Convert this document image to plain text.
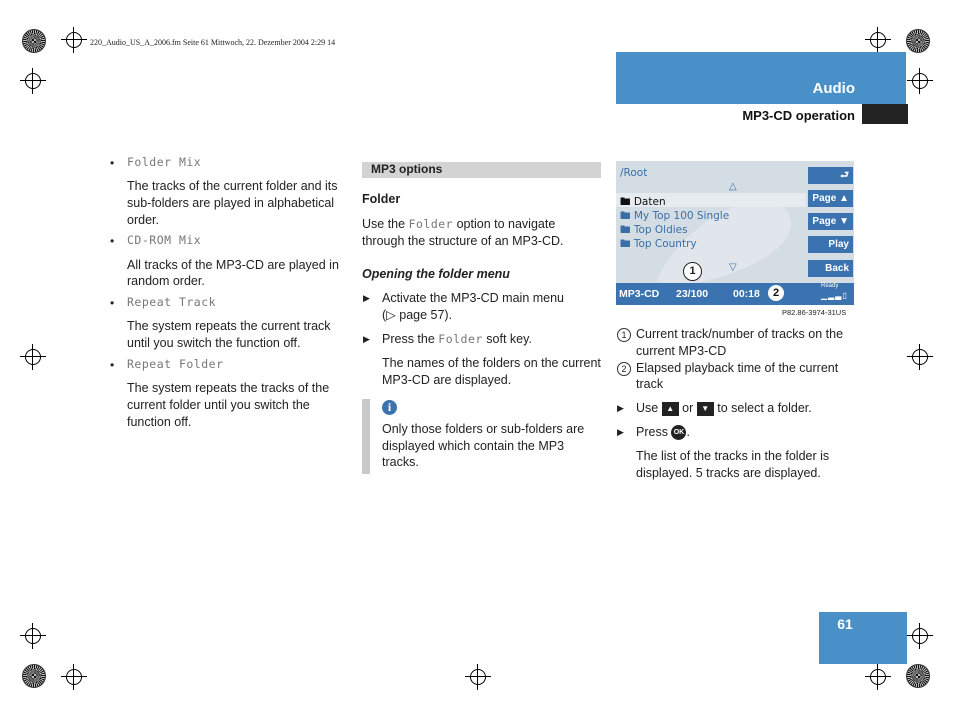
220_Audio_US_A_2006.fm Seite 61 Mittwoch, 22. Dezember 2004 2:29 14
Audio
MP3-CD operation
61
• Folder Mix
The tracks of the current folder and its
sub-folders are played in alphabetical
order.
• CD-ROM Mix
All tracks of the MP3-CD are played in
random order.
• Repeat Track
The system repeats the current track
until you switch the function off.
• Repeat Folder
The system repeats the tracks of the
current folder until you switch the
function off.
MP3 options
Folder
Use the Folder option to navigate
through the structure of an MP3-CD.
Opening the folder menu
▶ Activate the MP3-CD main menu
(▷ page 57).
▶ Press the Folder soft key.
The names of the folders on the current
MP3-CD are displayed.
i
Only those folders or sub-folders are
displayed which contain the MP3
tracks.
/Root
△
🖿 Daten
🖿 My Top 100 Single
🖿 Top Oldies
🖿 Top Country
▽
⮐
Page ▲
Page ▼
Play
Back
1
MP3-CD 23/100 00:18	2
Ready
▁▂▃▯
P82.86-3974-31US
1 Current track/number of tracks on the
current MP3-CD
2 Elapsed playback time of the current
track
▶ Use ▲ or ▼ to select a folder.
▶ Press OK .
The list of the tracks in the folder is
displayed. 5 tracks are displayed.
